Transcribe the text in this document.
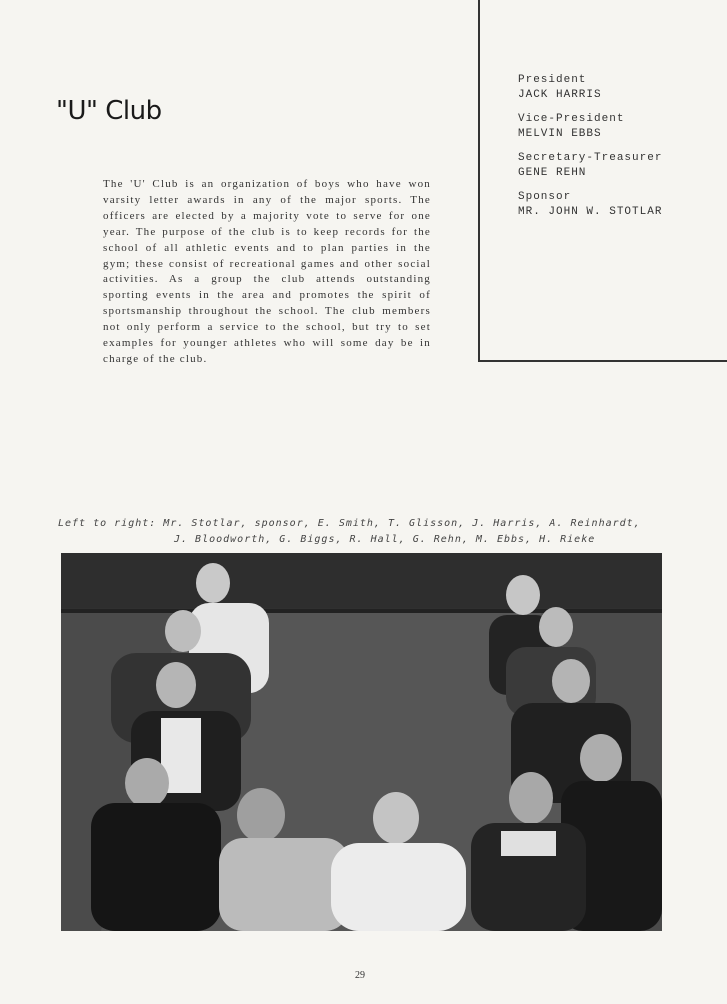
President
JACK HARRIS
Vice-President
MELVIN EBBS
Secretary-Treasurer
GENE REHN
Sponsor
MR. JOHN W. STOTLAR
"U" Club

The 'U' Club is an organization of boys who have won varsity letter awards in any of the major sports. The officers are elected by a majority vote to serve for one year. The purpose of the club is to keep records for the school of all athletic events and to plan parties in the gym; these consist of recreational games and other social activities. As a group the club attends outstanding sporting events in the area and promotes the spirit of sportsmanship throughout the school. The club members not only perform a service to the school, but try to set examples for younger athletes who will some day be in charge of the club.

Left to right: Mr. Stotlar, sponsor, E. Smith, T. Glisson, J. Harris, A. Reinhardt,
J. Bloodworth, G. Biggs, R. Hall, G. Rehn, M. Ebbs, H. Rieke

29
